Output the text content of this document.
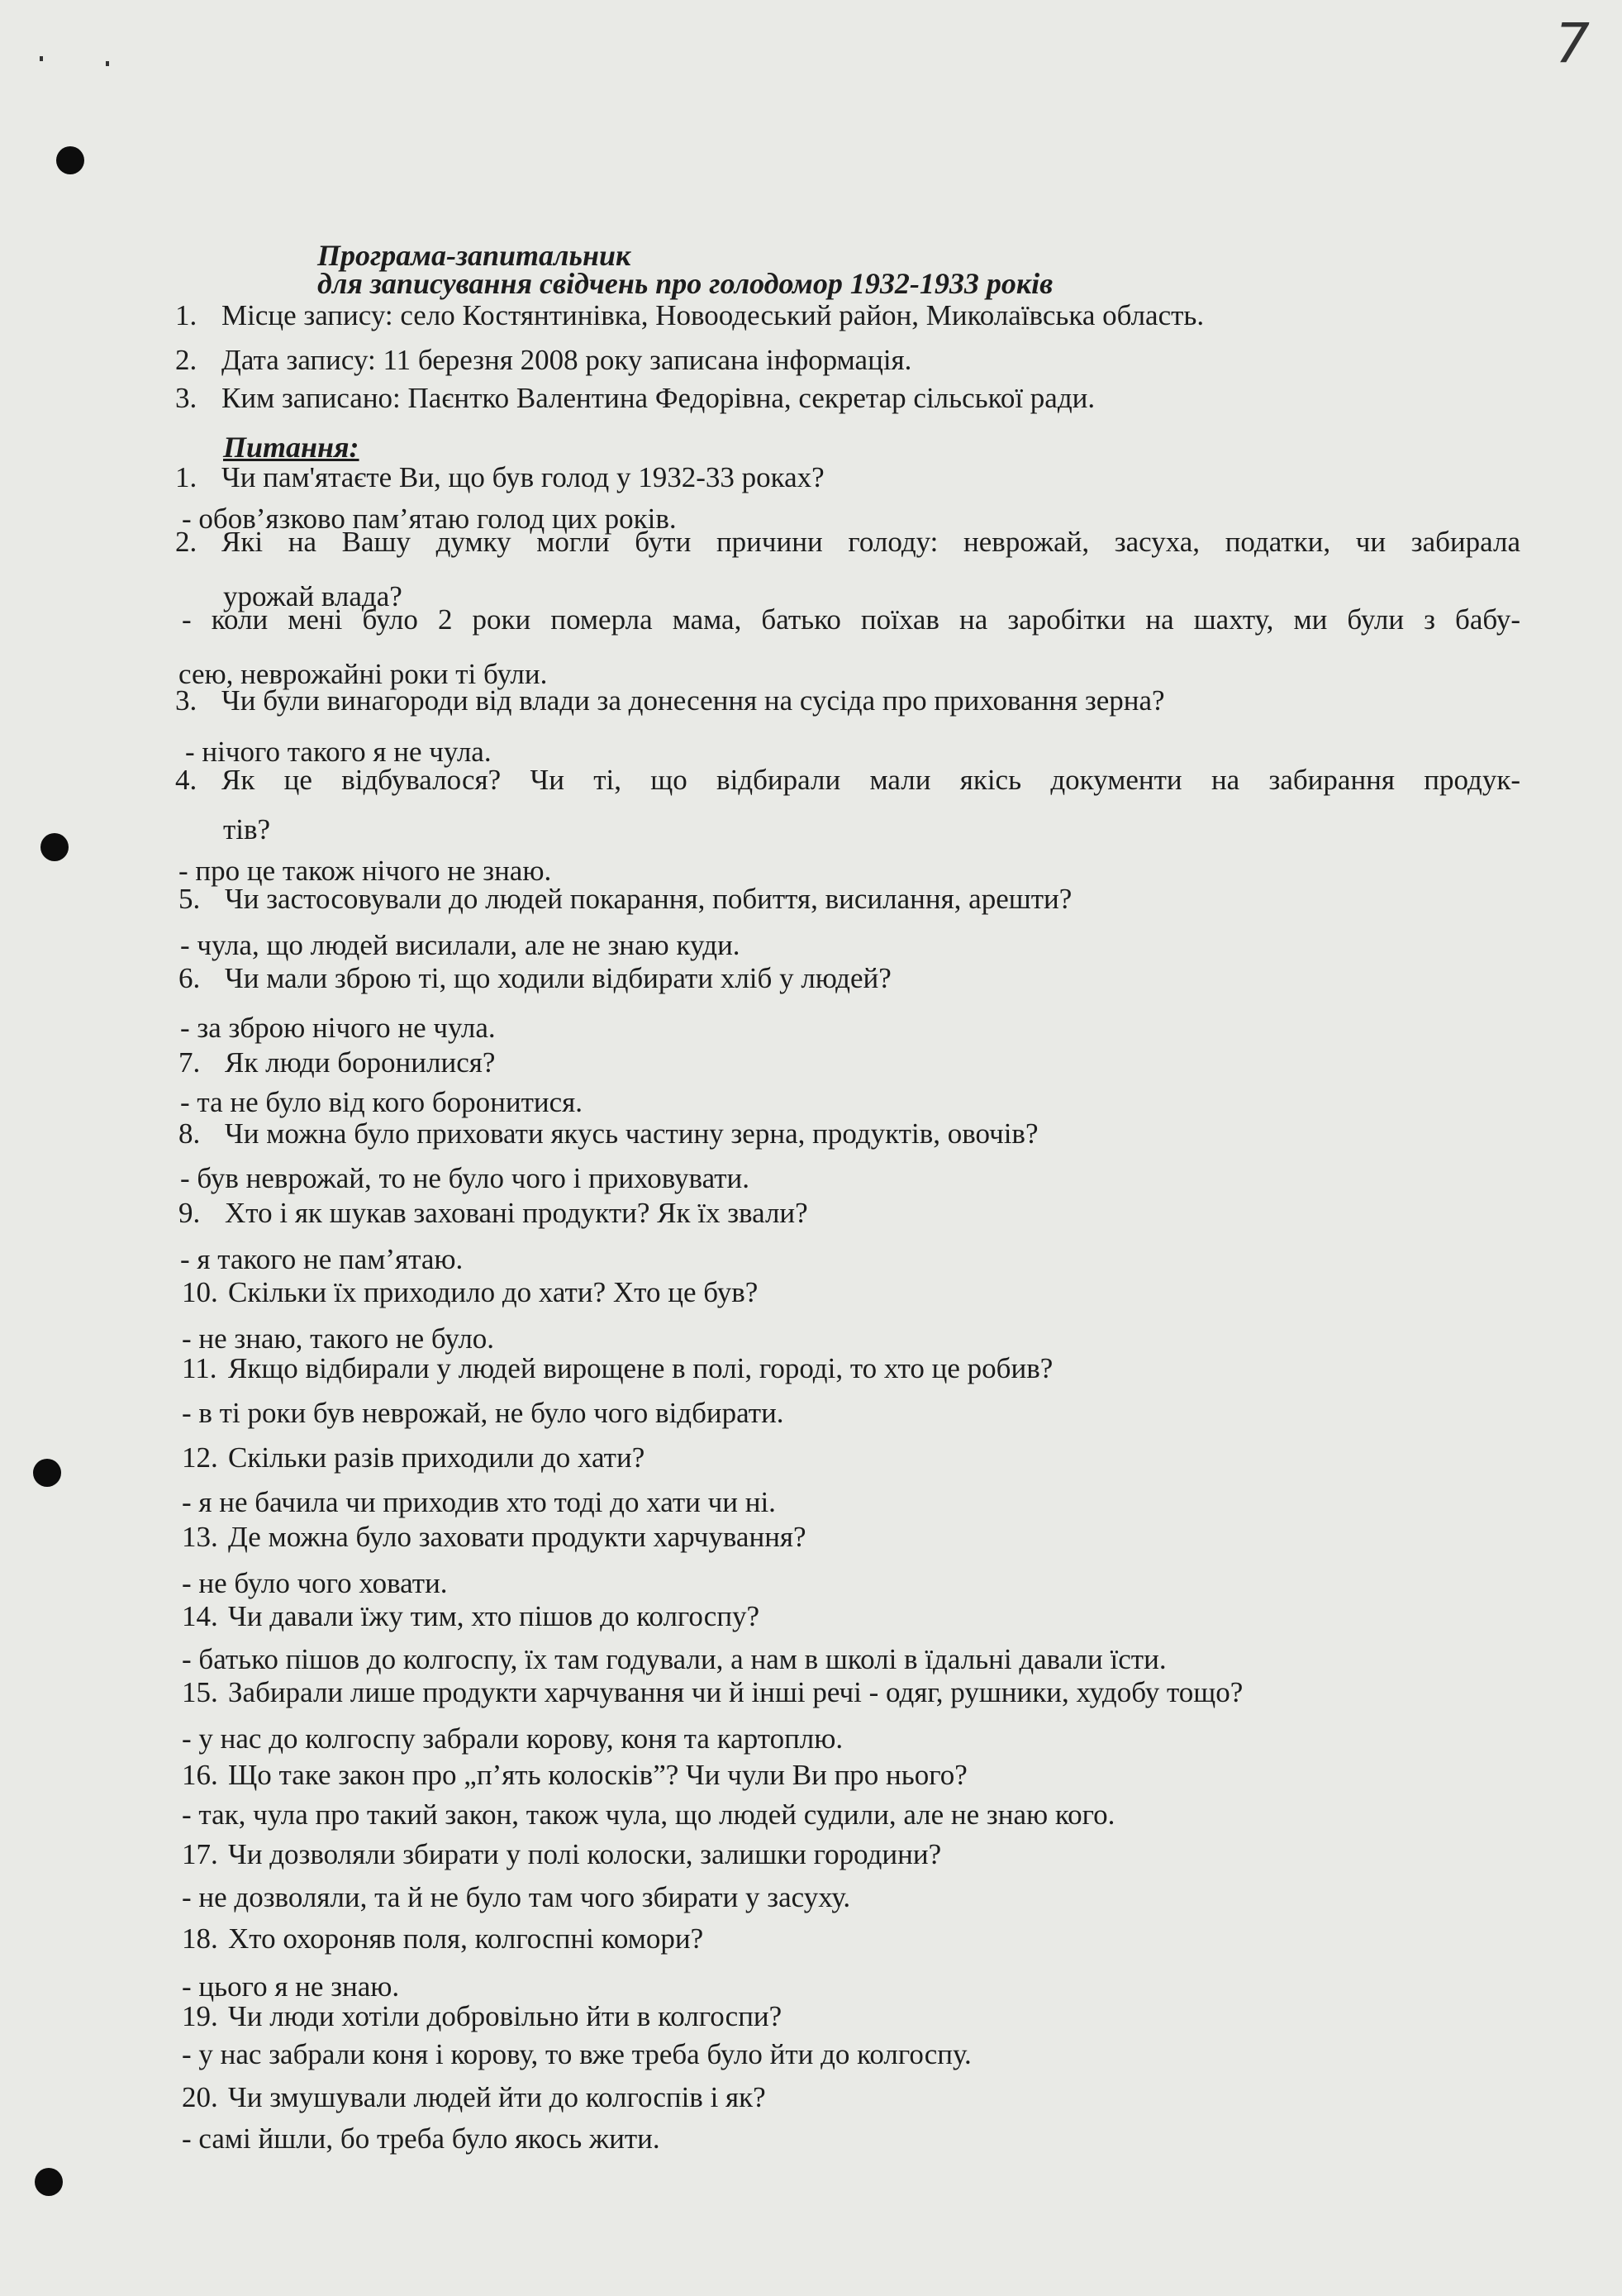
7
Програма-запитальник
для записування свідчень про голодомор 1932-1933 років
1. Місце запису: село Костянтинівка, Новоодеський район, Миколаївська область.
2. Дата запису: 11 березня 2008 року записана інформація.
3. Ким записано: Паєнтко Валентина Федорівна, секретар сільської ради.
Питання:
1. Чи пам'ятаєте Ви, що був голод у 1932-33 роках?
- обов’язково пам’ятаю голод цих років.
2. Які на Вашу думку могли бути причини голоду: неврожай, засуха, податки, чи забирала
урожай влада?
- коли мені було 2 роки померла мама, батько поїхав на заробітки на шахту, ми були з бабу-
сею, неврожайні роки ті були.
3. Чи були винагороди від влади за донесення на сусіда про приховання зерна?
- нічого такого я не чула.
4. Як це відбувалося? Чи ті, що відбирали мали якісь документи на забирання продук-
тів?
- про це також нічого не знаю.
5. Чи застосовували до людей покарання, побиття, висилання, арешти?
- чула, що людей висилали, але не знаю куди.
6. Чи мали зброю ті, що ходили відбирати хліб у людей?
- за зброю нічого не чула.
7. Як люди боронилися?
- та не було від кого боронитися.
8. Чи можна було приховати якусь частину зерна, продуктів, овочів?
- був неврожай, то не було чого і приховувати.
9. Хто і як шукав заховані продукти? Як їх звали?
- я такого не пам’ятаю.
10. Скільки їх приходило до хати? Хто це був?
- не знаю, такого не було.
11. Якщо відбирали у людей вирощене в полі, городі, то хто це робив?
- в ті роки був неврожай, не було чого відбирати.
12. Скільки разів приходили до хати?
- я не бачила чи приходив хто тоді до хати чи ні.
13. Де можна було заховати продукти харчування?
- не було чого ховати.
14. Чи давали їжу тим, хто пішов до колгоспу?
- батько пішов до колгоспу, їх там годували, а нам в школі в їдальні давали їсти.
15. Забирали лише продукти харчування чи й інші речі - одяг, рушники, худобу тощо?
- у нас до колгоспу забрали корову, коня та картоплю.
16. Що таке закон про „п’ять колосків”? Чи чули Ви про нього?
- так, чула про такий закон, також чула, що людей судили, але не знаю кого.
17. Чи дозволяли збирати у полі колоски, залишки городини?
- не дозволяли, та й не було там чого збирати у засуху.
18. Хто охороняв поля, колгоспні комори?
- цього я не знаю.
19. Чи люди хотіли добровільно йти в колгоспи?
- у нас забрали коня і корову, то вже треба було йти до колгоспу.
20. Чи змушували людей йти до колгоспів і як?
- самі йшли, бо треба було якось жити.
